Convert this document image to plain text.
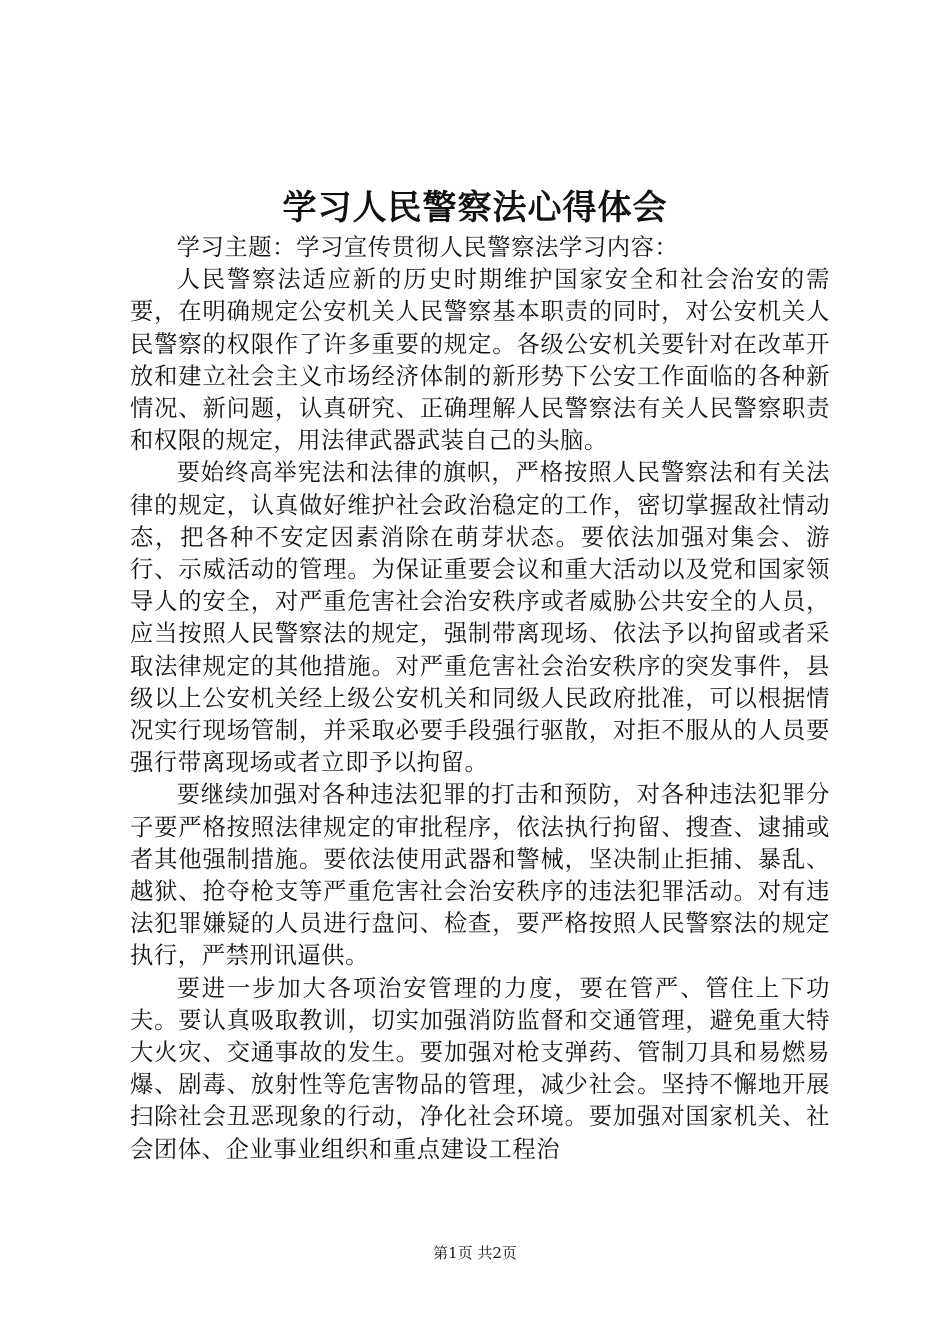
学习人民警察法心得体会

学习主题：学习宣传贯彻人民警察法学习内容：

人民警察法适应新的历史时期维护国家安全和社会治安的需要，在明确规定公安机关人民警察基本职责的同时，对公安机关人民警察的权限作了许多重要的规定。各级公安机关要针对在改革开放和建立社会主义市场经济体制的新形势下公安工作面临的各种新情况、新问题，认真研究、正确理解人民警察法有关人民警察职责和权限的规定，用法律武器武装自己的头脑。

要始终高举宪法和法律的旗帜，严格按照人民警察法和有关法律的规定，认真做好维护社会政治稳定的工作，密切掌握敌社情动态，把各种不安定因素消除在萌芽状态。要依法加强对集会、游行、示威活动的管理。为保证重要会议和重大活动以及党和国家领导人的安全，对严重危害社会治安秩序或者威胁公共安全的人员，应当按照人民警察法的规定，强制带离现场、依法予以拘留或者采取法律规定的其他措施。对严重危害社会治安秩序的突发事件，县级以上公安机关经上级公安机关和同级人民政府批准，可以根据情况实行现场管制，并采取必要手段强行驱散，对拒不服从的人员要强行带离现场或者立即予以拘留。

要继续加强对各种违法犯罪的打击和预防，对各种违法犯罪分子要严格按照法律规定的审批程序，依法执行拘留、搜查、逮捕或者其他强制措施。要依法使用武器和警械，坚决制止拒捕、暴乱、越狱、抢夺枪支等严重危害社会治安秩序的违法犯罪活动。对有违法犯罪嫌疑的人员进行盘问、检查，要严格按照人民警察法的规定执行，严禁刑讯逼供。

要进一步加大各项治安管理的力度，要在管严、管住上下功夫。要认真吸取教训，切实加强消防监督和交通管理，避免重大特大火灾、交通事故的发生。要加强对枪支弹药、管制刀具和易燃易爆、剧毒、放射性等危害物品的管理，减少社会。坚持不懈地开展扫除社会丑恶现象的行动，净化社会环境。要加强对国家机关、社会团体、企业事业组织和重点建设工程治

第1页 共2页
